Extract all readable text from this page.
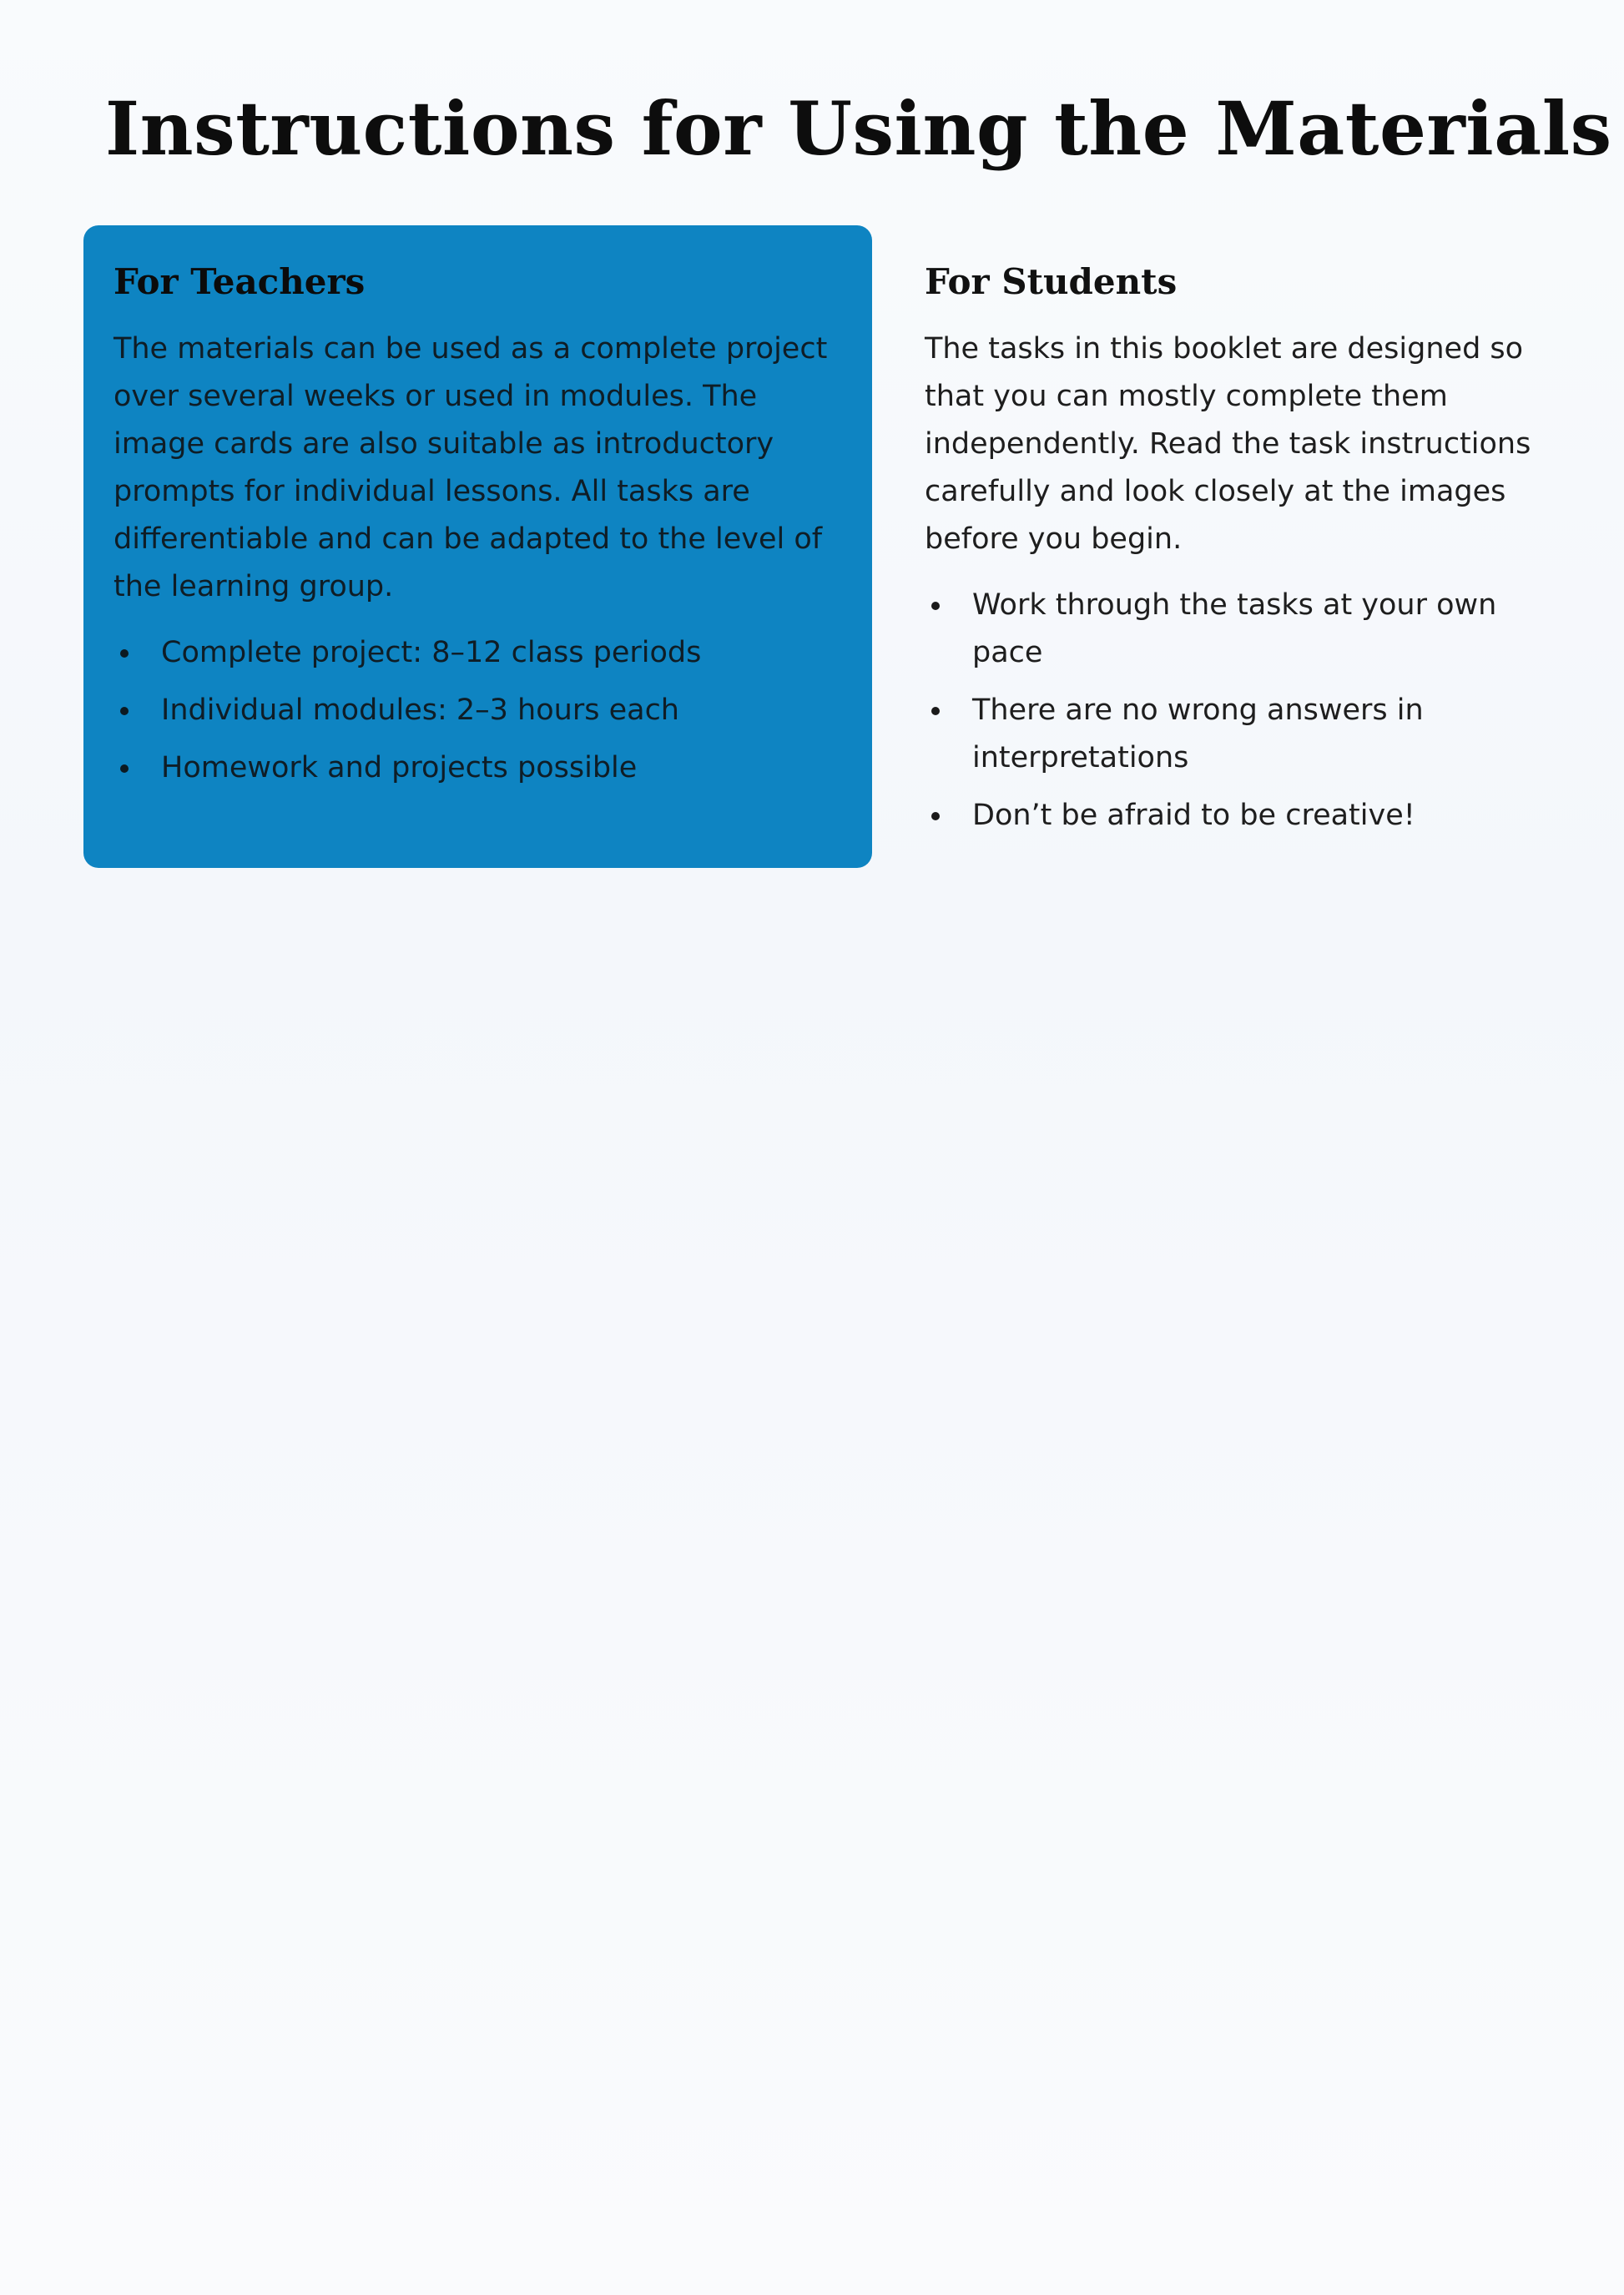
Instructions for Using the Materials
For Teachers

The materials can be used as a complete project over several weeks or used in modules. The image cards are also suitable as introductory prompts for individual lessons. All tasks are differentiable and can be adapted to the level of the learning group.

Complete project: 8–12 class periods
Individual modules: 2–3 hours each
Homework and projects possible
For Students

The tasks in this booklet are designed so that you can mostly complete them independently. Read the task instructions carefully and look closely at the images before you begin.

Work through the tasks at your own pace
There are no wrong answers in interpretations
Don’t be afraid to be creative!
